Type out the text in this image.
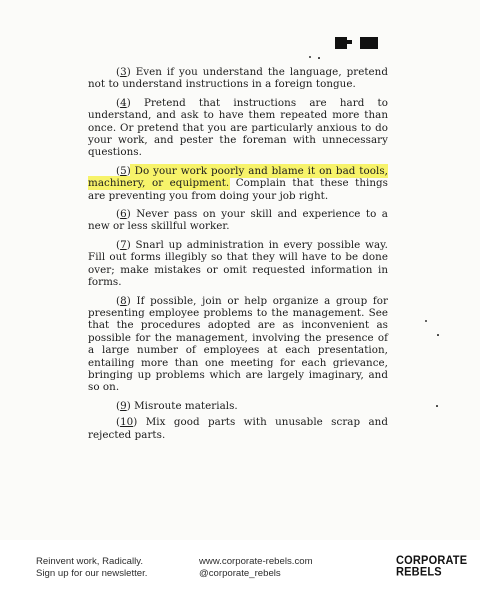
(3) Even if you understand the language, pretend not to understand instructions in a foreign tongue.

(4) Pretend that instructions are hard to understand, and ask to have them repeated more than once. Or pretend that you are particularly anxious to do your work, and pester the foreman with unnecessary questions.

(5) Do your work poorly and blame it on bad tools, machinery, or equipment. Complain that these things are preventing you from doing your job right.

(6) Never pass on your skill and experience to a new or less skillful worker.

(7) Snarl up administration in every possible way. Fill out forms illegibly so that they will have to be done over; make mistakes or omit requested information in forms.

(8) If possible, join or help organize a group for presenting employee problems to the management. See that the procedures adopted are as inconvenient as possible for the management, involving the presence of a large number of employees at each presentation, entailing more than one meeting for each grievance, bringing up problems which are largely imaginary, and so on.

(9) Misroute materials.

(10) Mix good parts with unusable scrap and rejected parts.

Reinvent work, Radically.
Sign up for our newsletter.
www.corporate-rebels.com
@corporate_rebels
CORPORATE
REBELS
